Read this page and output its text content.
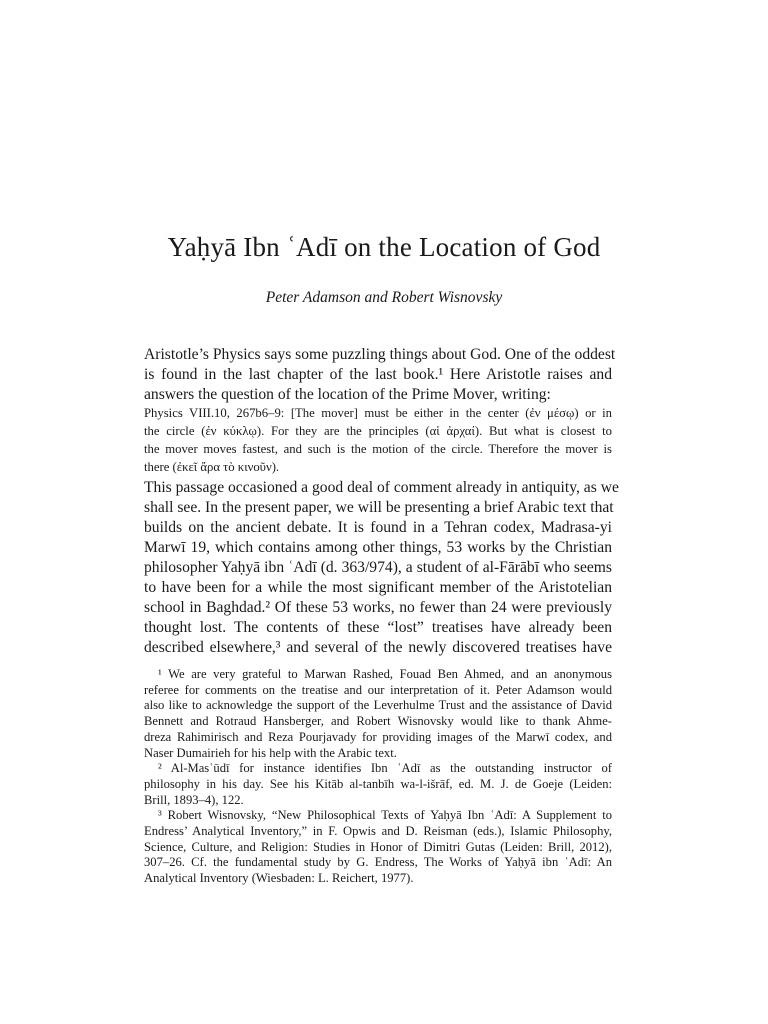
Yaḥyā Ibn ʿAdī on the Location of God

Peter Adamson and Robert Wisnovsky

Aristotle’s Physics says some puzzling things about God. One of the oddest
is found in the last chapter of the last book.¹ Here Aristotle raises and
answers the question of the location of the Prime Mover, writing:
Physics VIII.10, 267b6–9: [The mover] must be either in the center (ἐν μέσῳ) or in
the circle (ἐν κύκλῳ). For they are the principles (αἱ ἀρχαί). But what is closest to
the mover moves fastest, and such is the motion of the circle. Therefore the mover is
there (ἐκεῖ ἄρα τὸ κινοῦν).
This passage occasioned a good deal of comment already in antiquity, as we
shall see. In the present paper, we will be presenting a brief Arabic text that
builds on the ancient debate. It is found in a Tehran codex, Madrasa-yi
Marwī 19, which contains among other things, 53 works by the Christian
philosopher Yaḥyā ibn ʿAdī (d. 363/974), a student of al-Fārābī who seems
to have been for a while the most significant member of the Aristotelian
school in Baghdad.² Of these 53 works, no fewer than 24 were previously
thought lost. The contents of these “lost” treatises have already been
described elsewhere,³ and several of the newly discovered treatises have
¹ We are very grateful to Marwan Rashed, Fouad Ben Ahmed, and an anonymous
referee for comments on the treatise and our interpretation of it. Peter Adamson would
also like to acknowledge the support of the Leverhulme Trust and the assistance of David
Bennett and Rotraud Hansberger, and Robert Wisnovsky would like to thank Ahme-
dreza Rahimirisch and Reza Pourjavady for providing images of the Marwī codex, and
Naser Dumairieh for his help with the Arabic text.
² Al-Masʿūdī for instance identifies Ibn ʿAdī as the outstanding instructor of
philosophy in his day. See his Kitāb al-tanbīh wa-l-išrāf, ed. M. J. de Goeje (Leiden:
Brill, 1893–4), 122.
³ Robert Wisnovsky, “New Philosophical Texts of Yaḥyā Ibn ʿAdī: A Supplement to
Endress’ Analytical Inventory,” in F. Opwis and D. Reisman (eds.), Islamic Philosophy,
Science, Culture, and Religion: Studies in Honor of Dimitri Gutas (Leiden: Brill, 2012),
307–26. Cf. the fundamental study by G. Endress, The Works of Yaḥyā ibn ʿAdī: An
Analytical Inventory (Wiesbaden: L. Reichert, 1977).
